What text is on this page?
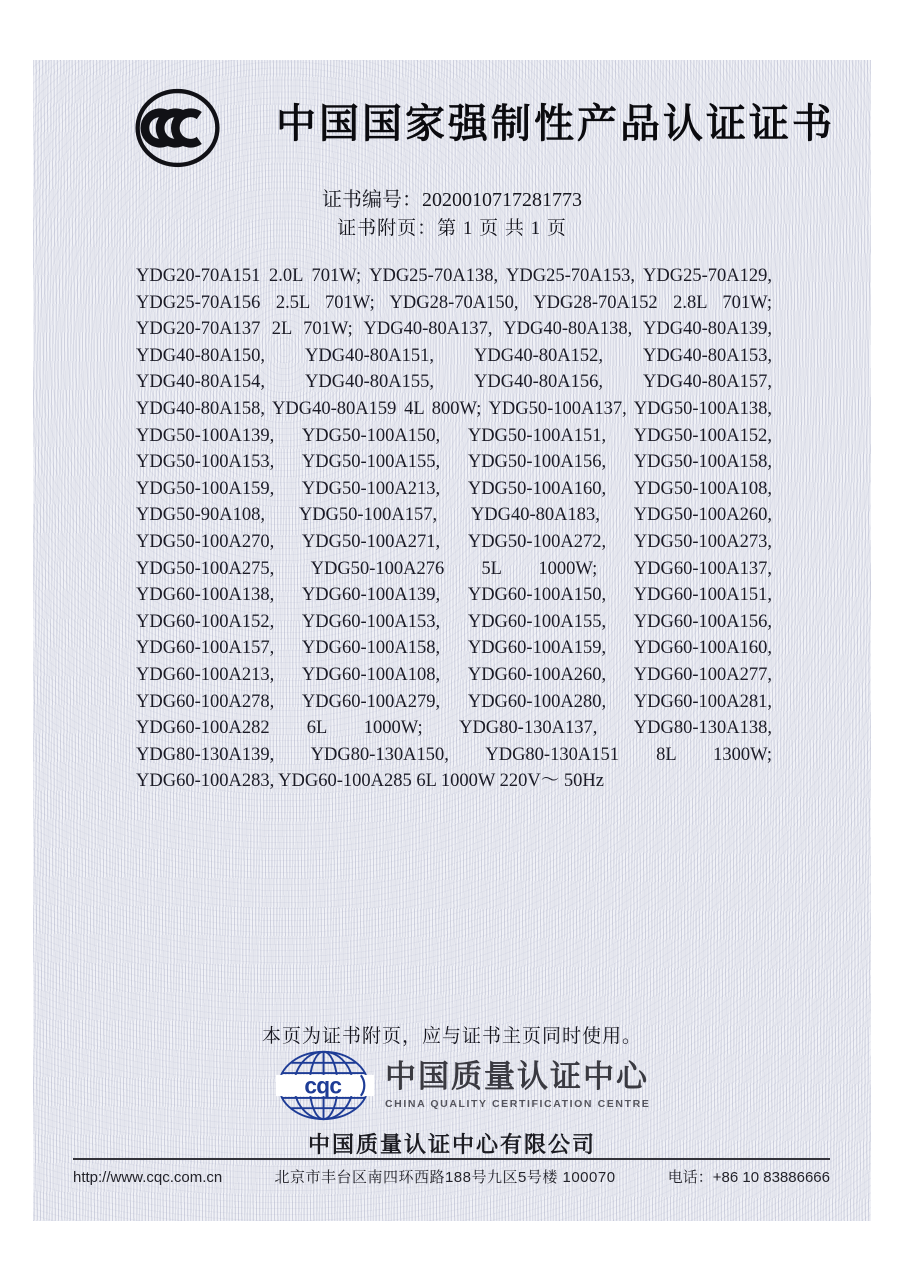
中国国家强制性产品认证证书
证书编号：2020010717281773
证书附页：第 1 页 共 1 页
YDG20-70A151 2.0L 701W; YDG25-70A138, YDG25-70A153, YDG25-70A129,
YDG25-70A156 2.5L 701W; YDG28-70A150, YDG28-70A152 2.8L 701W;
YDG20-70A137 2L 701W; YDG40-80A137, YDG40-80A138, YDG40-80A139,
YDG40-80A150, YDG40-80A151, YDG40-80A152, YDG40-80A153,
YDG40-80A154, YDG40-80A155, YDG40-80A156, YDG40-80A157,
YDG40-80A158, YDG40-80A159 4L 800W; YDG50-100A137, YDG50-100A138,
YDG50-100A139, YDG50-100A150, YDG50-100A151, YDG50-100A152,
YDG50-100A153, YDG50-100A155, YDG50-100A156, YDG50-100A158,
YDG50-100A159, YDG50-100A213, YDG50-100A160, YDG50-100A108,
YDG50-90A108, YDG50-100A157, YDG40-80A183, YDG50-100A260,
YDG50-100A270, YDG50-100A271, YDG50-100A272, YDG50-100A273,
YDG50-100A275, YDG50-100A276 5L 1000W; YDG60-100A137,
YDG60-100A138, YDG60-100A139, YDG60-100A150, YDG60-100A151,
YDG60-100A152, YDG60-100A153, YDG60-100A155, YDG60-100A156,
YDG60-100A157, YDG60-100A158, YDG60-100A159, YDG60-100A160,
YDG60-100A213, YDG60-100A108, YDG60-100A260, YDG60-100A277,
YDG60-100A278, YDG60-100A279, YDG60-100A280, YDG60-100A281,
YDG60-100A282 6L 1000W; YDG80-130A137, YDG80-130A138,
YDG80-130A139, YDG80-130A150, YDG80-130A151 8L 1300W;
YDG60-100A283, YDG60-100A285 6L 1000W 220V～ 50Hz
本页为证书附页，应与证书主页同时使用。
cqc 中国质量认证中心
CHINA QUALITY CERTIFICATION CENTRE
中国质量认证中心有限公司
http://www.cqc.com.cn	北京市丰台区南四环西路188号九区5号楼 100070	电话：+86 10 83886666
